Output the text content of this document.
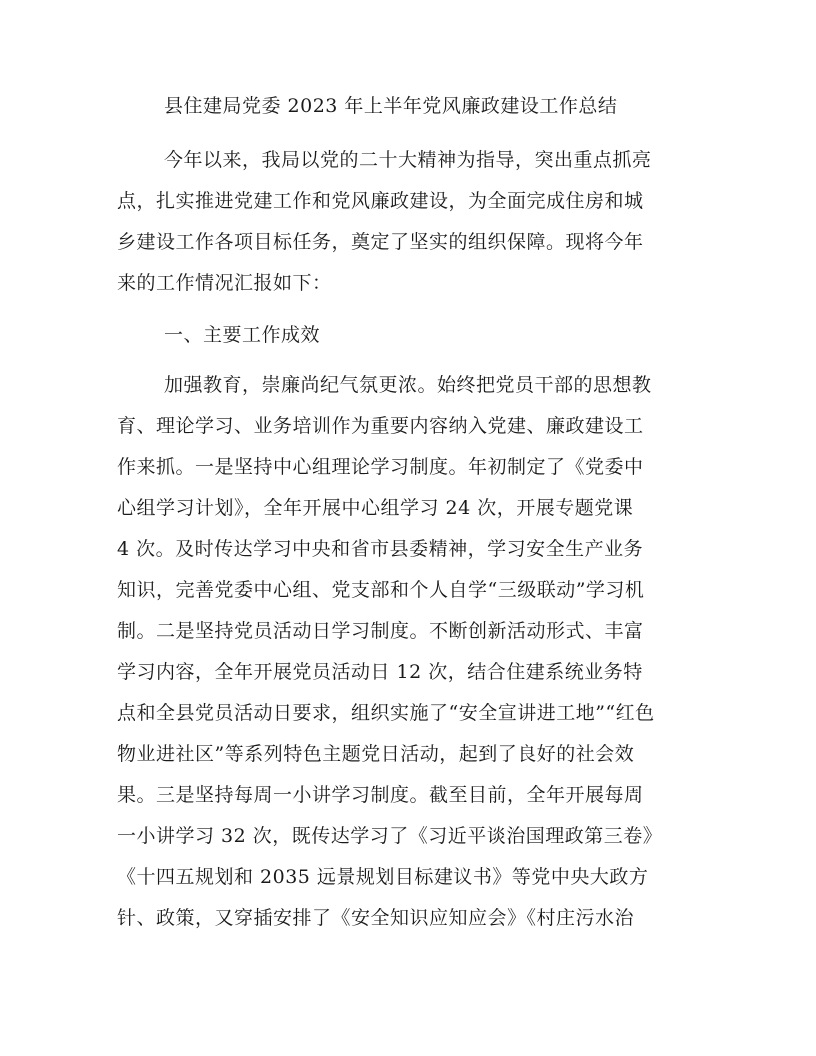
县住建局党委 2023 年上半年党风廉政建设工作总结
今年以来，我局以党的二十大精神为指导，突出重点抓亮
点，扎实推进党建工作和党风廉政建设，为全面完成住房和城
乡建设工作各项目标任务，奠定了坚实的组织保障。现将今年
来的工作情况汇报如下：
一、主要工作成效
加强教育，崇廉尚纪气氛更浓。始终把党员干部的思想教
育、理论学习、业务培训作为重要内容纳入党建、廉政建设工
作来抓。一是坚持中心组理论学习制度。年初制定了《党委中
心组学习计划》，全年开展中心组学习 24 次，开展专题党课
4 次。及时传达学习中央和省市县委精神，学习安全生产业务
知识，完善党委中心组、党支部和个人自学“三级联动”学习机
制。二是坚持党员活动日学习制度。不断创新活动形式、丰富
学习内容，全年开展党员活动日 12 次，结合住建系统业务特
点和全县党员活动日要求，组织实施了“安全宣讲进工地”“红色
物业进社区”等系列特色主题党日活动，起到了良好的社会效
果。三是坚持每周一小讲学习制度。截至目前，全年开展每周
一小讲学习 32 次，既传达学习了《习近平谈治国理政第三卷》
《十四五规划和 2035 远景规划目标建议书》等党中央大政方
针、政策，又穿插安排了《安全知识应知应会》《村庄污水治
